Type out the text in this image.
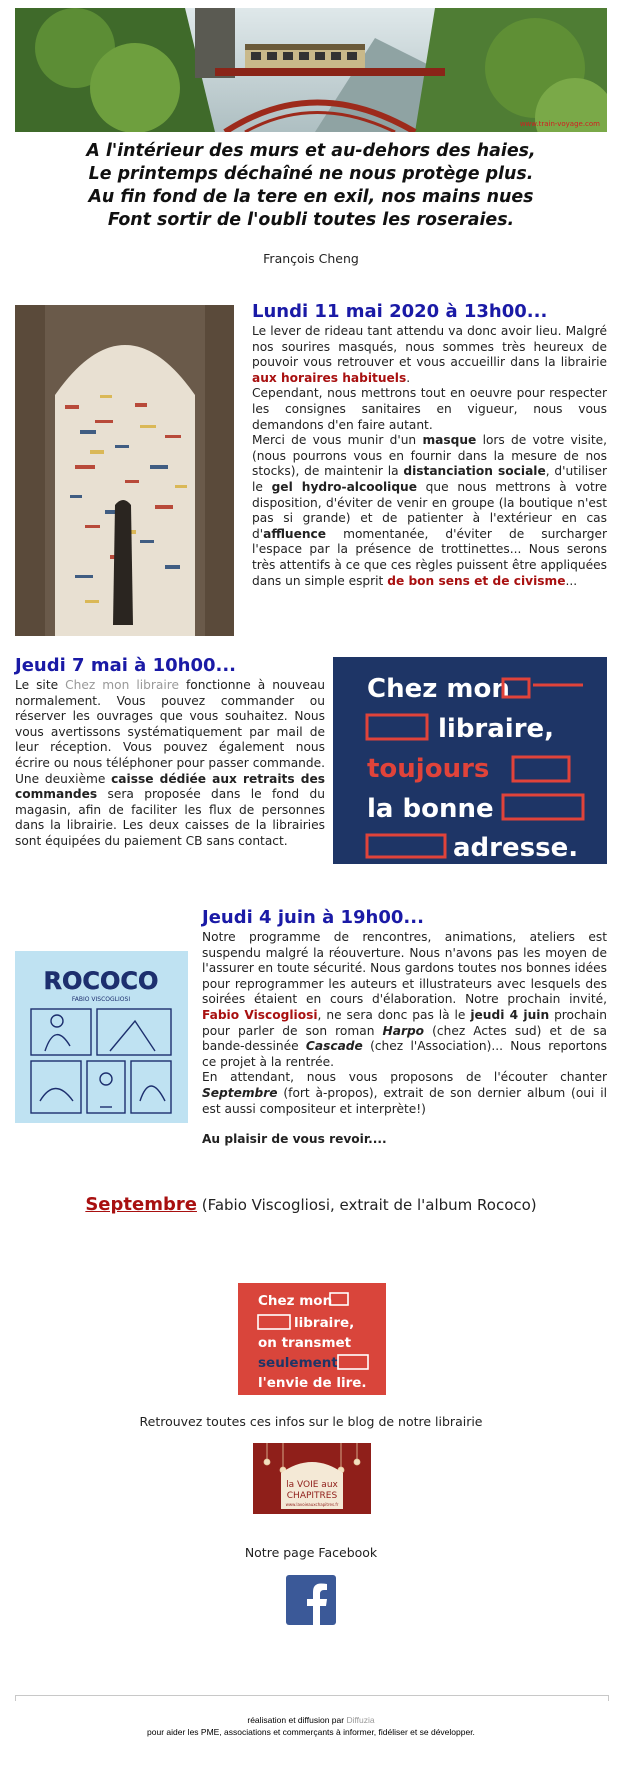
www.train-voyage.com
A l'intérieur des murs et au-dehors des haies,
Le printemps déchaîné ne nous protège plus.
Au fin fond de la tere en exil, nos mains nues
Font sortir de l'oubli toutes les roseraies.
François Cheng
Lundi 11 mai 2020 à 13h00...

Le lever de rideau tant attendu va donc avoir lieu. Malgré nos sourires masqués, nous sommes très heureux de pouvoir vous retrouver et vous accueillir dans la librairie aux horaires habituels.

Cependant, nous mettrons tout en oeuvre pour respecter les consignes sanitaires en vigueur, nous vous demandons d'en faire autant.

Merci de vous munir d'un masque lors de votre visite, (nous pourrons vous en fournir dans la mesure de nos stocks), de maintenir la distanciation sociale, d'utiliser le gel hydro-alcoolique que nous mettrons à votre disposition, d'éviter de venir en groupe (la boutique n'est pas si grande) et de patienter à l'extérieur en cas d'affluence momentanée, d'éviter de surcharger l'espace par la présence de trottinettes... Nous serons très attentifs à ce que ces règles puissent être appliquées dans un simple esprit de bon sens et de civisme...

Jeudi 7 mai à 10h00...

Le site Chez mon libraire fonctionne à nouveau normalement. Vous pouvez commander ou réserver les ouvrages que vous souhaitez. Nous vous avertissons systématiquement par mail de leur réception. Vous pouvez également nous écrire ou nous téléphoner pour passer commande. Une deuxième caisse dédiée aux retraits des commandes sera proposée dans le fond du magasin, afin de faciliter les flux de personnes dans la librairie. Les deux caisses de la librairies sont équipées du paiement CB sans contact.

Chez mon
libraire,
toujours
la bonne
adresse.
ROCOCO
FABIO VISCOGLIOSI
Jeudi 4 juin à 19h00...

Notre programme de rencontres, animations, ateliers est suspendu malgré la réouverture. Nous n'avons pas les moyen de l'assurer en toute sécurité. Nous gardons toutes nos bonnes idées pour reprogrammer les auteurs et illustrateurs avec lesquels des soirées étaient en cours d'élaboration. Notre prochain invité, Fabio Viscogliosi, ne sera donc pas là le jeudi 4 juin prochain pour parler de son roman Harpo (chez Actes sud) et de sa bande-dessinée Cascade (chez l'Association)... Nous reportons ce projet à la rentrée.

En attendant, nous vous proposons de l'écouter chanter Septembre (fort à-propos), extrait de son dernier album (oui il est aussi compositeur et interprète!)

Au plaisir de vous revoir....

Septembre (Fabio Viscogliosi, extrait de l'album Rococo)
Chez mon
libraire,
on transmet
seulement
l'envie de lire.
Retrouvez toutes ces infos sur le blog de notre librairie
la VOIE aux
CHAPITRES
www.lavoieauxchapitres.fr
Notre page Facebook
réalisation et diffusion par Diffuzia
pour aider les PME, associations et commerçants à informer, fidéliser et se développer.
